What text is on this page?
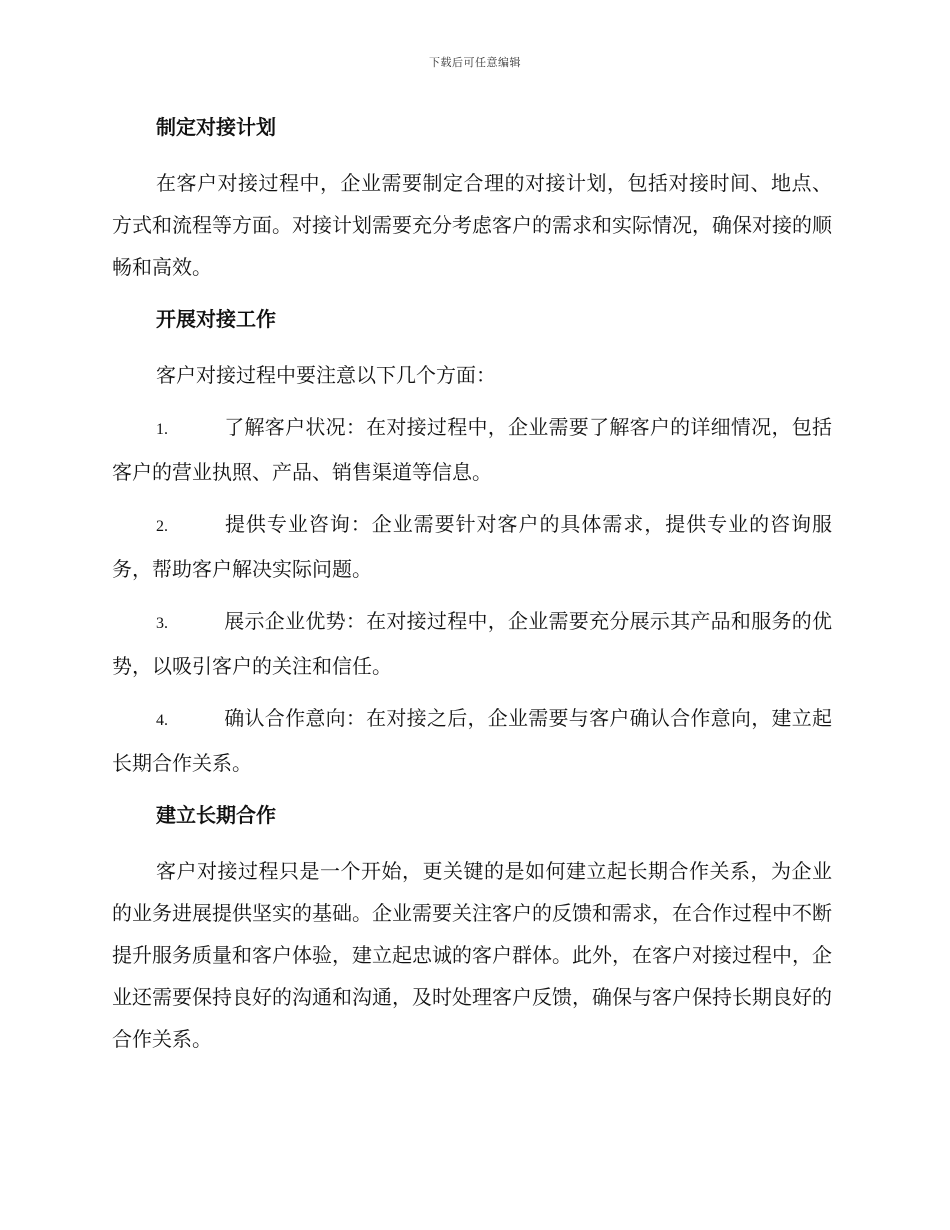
下载后可任意编辑
制定对接计划

在客户对接过程中，企业需要制定合理的对接计划，包括对接时间、地点、方式和流程等方面。对接计划需要充分考虑客户的需求和实际情况，确保对接的顺畅和高效。

开展对接工作

客户对接过程中要注意以下几个方面：

1.	了解客户状况：在对接过程中，企业需要了解客户的详细情况，包括客户的营业执照、产品、销售渠道等信息。
2.	提供专业咨询：企业需要针对客户的具体需求，提供专业的咨询服务，帮助客户解决实际问题。
3.	展示企业优势：在对接过程中，企业需要充分展示其产品和服务的优势，以吸引客户的关注和信任。
4.	确认合作意向：在对接之后，企业需要与客户确认合作意向，建立起长期合作关系。
建立长期合作

客户对接过程只是一个开始，更关键的是如何建立起长期合作关系，为企业的业务进展提供坚实的基础。企业需要关注客户的反馈和需求，在合作过程中不断提升服务质量和客户体验，建立起忠诚的客户群体。此外，在客户对接过程中，企业还需要保持良好的沟通和沟通，及时处理客户反馈，确保与客户保持长期良好的合作关系。
